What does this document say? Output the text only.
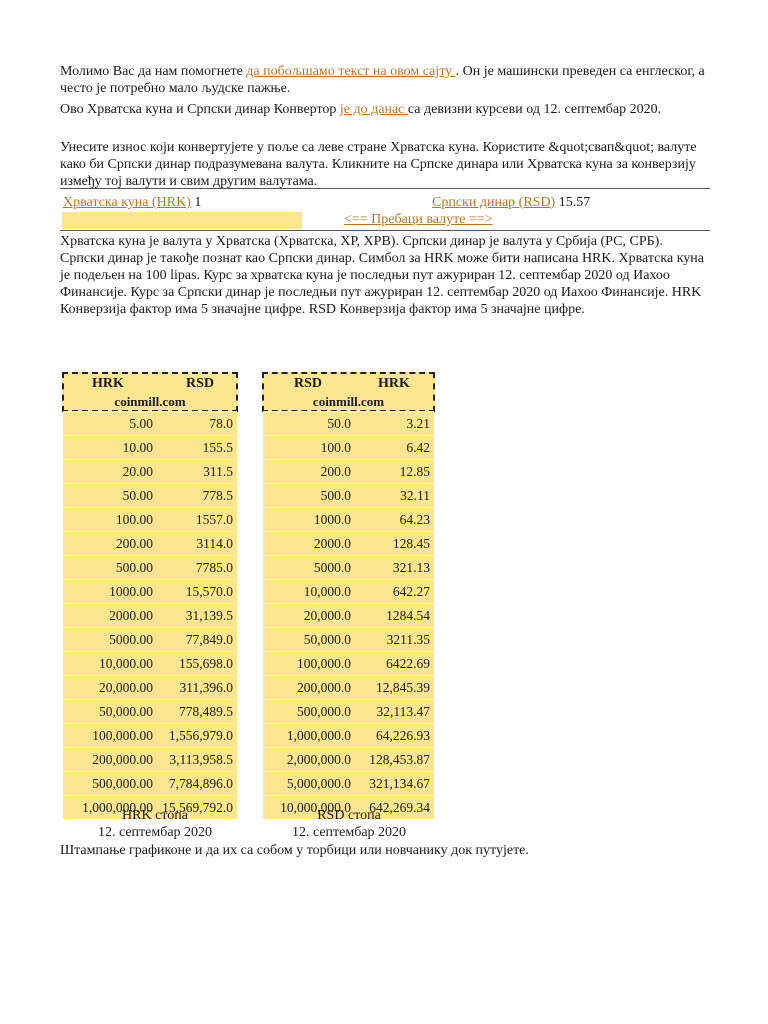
Молимо Вас да нам помогнете да побољшамо текст на овом сајту . Он је машински преведен са енглеског, а често је потребно мало људске пажње.

Ово Хрватска куна и Српски динар Конвертор је до данас са девизни курсеви од 12. септембар 2020.

Унесите износ који конвертујете у поље са леве стране Хрватска куна. Користите &quot;свап&quot; валуте како би Српски динар подразумевана валута. Кликните на Српске динара или Хрватска куна за конверзију између тој валути и свим другим валутама.

Хрватска куна (HRK) 1	Српски динар (RSD) 15.57
<== Пребаци валуте ==>

Хрватска куна је валута у Хрватска (Хрватска, ХР, ХРВ). Српски динар је валута у Србија (РС, СРБ). Српски динар је такође познат као Српски динар. Симбол за HRK може бити написана HRK. Хрватска куна је подељен на 100 lipas. Курс за хрватска куна је последњи пут ажуриран 12. септембар 2020 од Иахоо Финансије. Курс за Српски динар је последњи пут ажуриран 12. септембар 2020 од Иахоо Финансије. HRK Конверзија фактор има 5 значајне цифре. RSD Конверзија фактор има 5 значајне цифре.

HRK	RSD
coinmill.com
5.00	78.0
10.00	155.5
20.00	311.5
50.00	778.5
100.00	1557.0
200.00	3114.0
500.00	7785.0
1000.00	15,570.0
2000.00	31,139.5
5000.00	77,849.0
10,000.00	155,698.0
20,000.00	311,396.0
50,000.00	778,489.5
100,000.00	1,556,979.0
200,000.00	3,113,958.5
500,000.00	7,784,896.0
1,000,000.00	15,569,792.0
HRK стопа
12. септембар 2020
RSD	HRK
coinmill.com
50.0	3.21
100.0	6.42
200.0	12.85
500.0	32.11
1000.0	64.23
2000.0	128.45
5000.0	321.13
10,000.0	642.27
20,000.0	1284.54
50,000.0	3211.35
100,000.0	6422.69
200,000.0	12,845.39
500,000.0	32,113.47
1,000,000.0	64,226.93
2,000,000.0	128,453.87
5,000,000.0	321,134.67
10,000,000.0	642,269.34
RSD стопа
12. септембар 2020

Штампање графиконе и да их са собом у торбици или новчанику док путујете.
